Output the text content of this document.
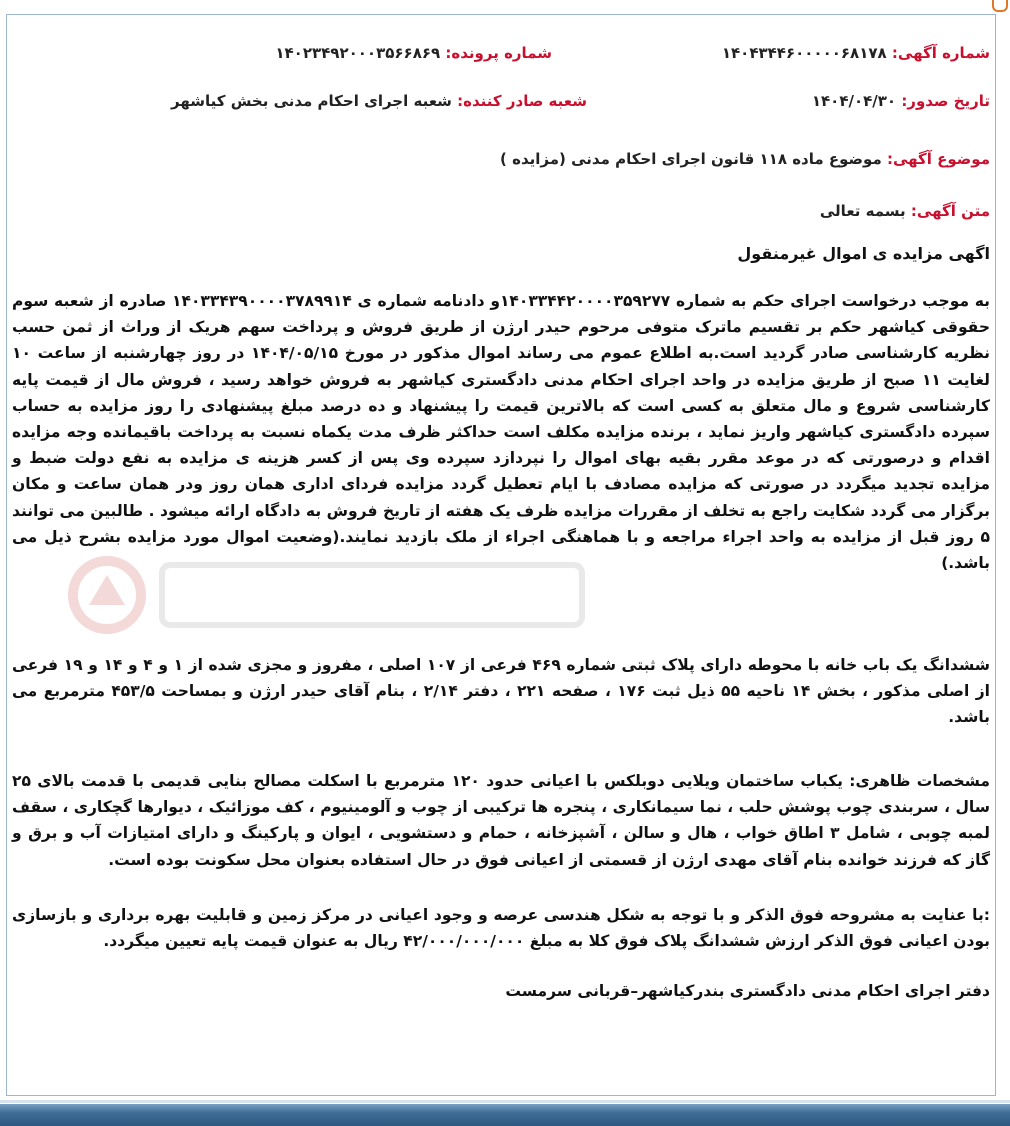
شماره آگهی: ۱۴۰۴۳۴۴۶۰۰۰۰۰۶۸۱۷۸
شماره پرونده: ۱۴۰۲۳۴۹۲۰۰۰۳۵۶۶۸۶۹
تاریخ صدور: ۱۴۰۴/۰۴/۳۰
شعبه صادر کننده: شعبه اجرای احکام مدنی بخش کیاشهر
موضوع آگهی: موضوع ماده ۱۱۸ قانون اجرای احکام مدنی (مزایده )
متن آگهی: بسمه تعالی
اگهی مزایده ی اموال غیرمنقول
به موجب درخواست اجرای حکم به شماره ۱۴۰۳۳۴۴۲۰۰۰۰۳۵۹۲۷۷و دادنامه شماره ی ۱۴۰۳۳۴۳۹۰۰۰۰۳۷۸۹۹۱۴ صادره از شعبه سوم حقوقی کیاشهر حکم بر تقسیم ماترک متوفی مرحوم حیدر ارژن از طریق فروش و پرداخت سهم هریک از وراث از ثمن حسب نظریه کارشناسی صادر گردید است.به اطلاع عموم می رساند اموال مذکور در مورخ ۱۴۰۴/۰۵/۱۵ در روز چهارشنبه از ساعت ۱۰ لغایت ۱۱ صبح از طریق مزایده در واحد اجرای احکام مدنی دادگستری کیاشهر به فروش خواهد رسید ، فروش مال از قیمت پایه کارشناسی شروع و مال متعلق به کسی است که بالاترین قیمت را پیشنهاد و ده درصد مبلغ پیشنهادی را روز مزایده به حساب سپرده دادگستری کیاشهر واریز نماید ، برنده مزایده مکلف است حداکثر ظرف مدت یکماه نسبت به پرداخت باقیمانده وجه مزایده اقدام و درصورتی که در موعد مقرر بقیه بهای اموال را نپردازد سپرده وی پس از کسر هزینه ی مزایده به نفع دولت ضبط و مزایده تجدید میگردد در صورتی که مزایده مصادف با ایام تعطیل گردد مزایده فردای اداری همان روز ودر همان ساعت و مکان برگزار می گردد شکایت راجع به تخلف از مقررات مزایده ظرف یک هفته از تاریخ فروش به دادگاه ارائه میشود . طالبین می توانند ۵ روز قبل از مزایده به واحد اجراء مراجعه و با هماهنگی اجراء از ملک بازدید نمایند.(وضعیت اموال مورد مزایده بشرح ذیل می باشد.)
ششدانگ یک باب خانه با محوطه دارای پلاک ثبتی شماره ۴۶۹ فرعی از ۱۰۷ اصلی ، مفروز و مجزی شده از ۱ و ۴ و ۱۴ و ۱۹ فرعی از اصلی مذکور ، بخش ۱۴ ناحیه ۵۵ ذیل ثبت ۱۷۶ ، صفحه ۲۲۱ ، دفتر ۲/۱۴ ، بنام آقای حیدر ارژن و بمساحت ۴۵۳/۵ مترمربع می باشد.
مشخصات ظاهری: یکباب ساختمان ویلایی دوبلکس با اعیانی حدود ۱۲۰ مترمربع با اسکلت مصالح بنایی قدیمی با قدمت بالای ۲۵ سال ، سربندی چوب پوشش حلب ، نما سیمانکاری ، پنجره ها ترکیبی از چوب و آلومینیوم ، کف موزائیک ، دیوارها گچکاری ، سقف لمبه چوبی ، شامل ۳ اطاق خواب ، هال و سالن ، آشپزخانه ، حمام و دستشویی ، ایوان و پارکینگ و دارای امتیازات آب و برق و گاز که فرزند خوانده بنام آقای مهدی ارژن از قسمتی از اعیانی فوق در حال استفاده بعنوان محل سکونت بوده است.
:با عنایت به مشروحه فوق الذکر و با توجه به شکل هندسی عرصه و وجود اعیانی در مرکز زمین و قابلیت بهره برداری و بازسازی بودن اعیانی فوق الذکر ارزش ششدانگ پلاک فوق کلا به مبلغ ۴۲/۰۰۰/۰۰۰/۰۰۰ ریال به عنوان قیمت پایه تعیین میگردد.
دفتر اجرای احکام مدنی دادگستری بندرکیاشهر–قربانی سرمست
